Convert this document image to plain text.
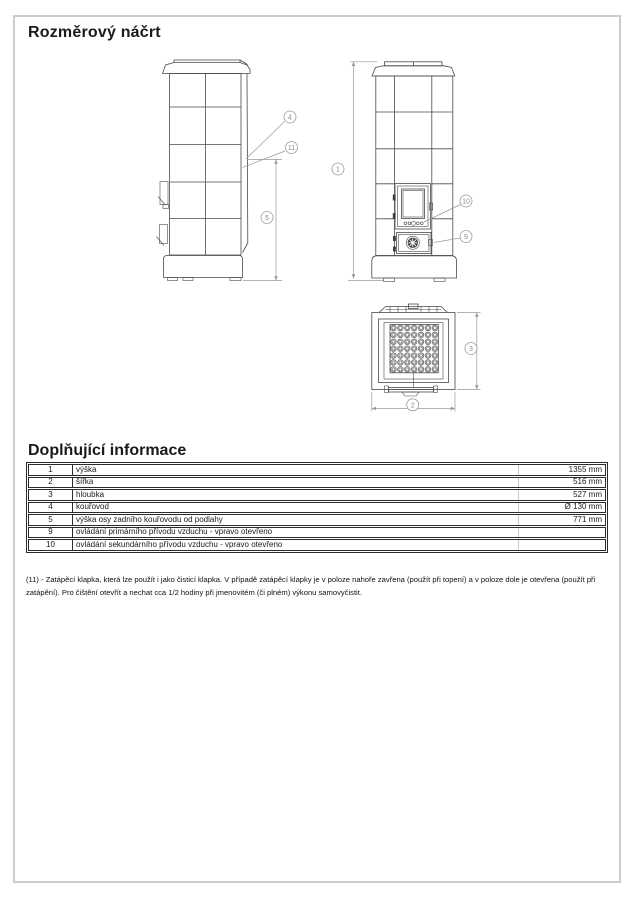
Rozměrový náčrt
4
11
5
1
10
9
3
2
Doplňující informace
1	výška	1355 mm
2	šířka	516 mm
3	hloubka	527 mm
4	kouřovod	Ø 130 mm
5	výška osy zadního kouřovodu od podlahy	771 mm
9	ovládání primárního přívodu vzduchu - vpravo otevřeno
10	ovládání sekundárního přívodu vzduchu - vpravo otevřeno

(11) - Zatápěcí klapka, která lze použít i jako čisticí klapka. V případě zatápěcí klapky je v poloze nahoře zavřena (použít při topení) a v poloze dole je otevřena (použít při zatápění). Pro čištění otevřít a nechat cca 1/2 hodiny při jmenovitém (či plném) výkonu samovyčistit.
